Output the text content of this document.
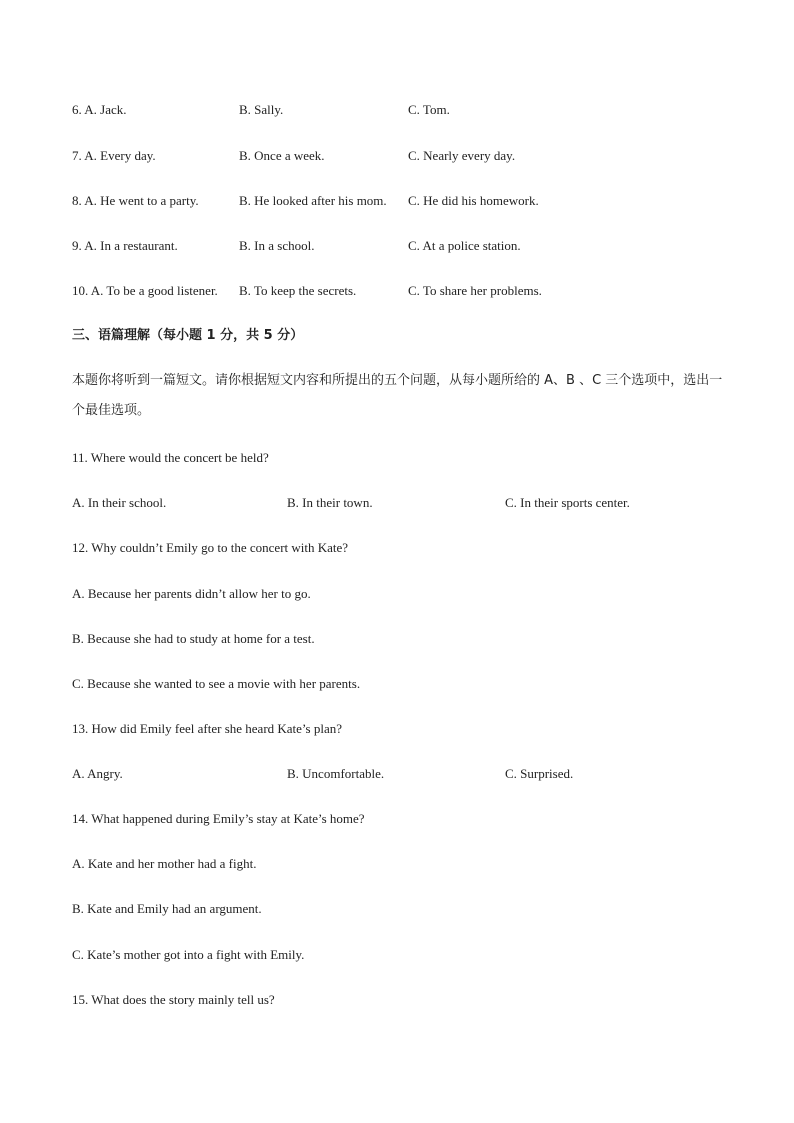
6. A. Jack.	B. Sally.	C. Tom.
7. A. Every day.	B. Once a week.	C. Nearly every day.
8. A. He went to a party.	B. He looked after his mom. C. He did his homework.
9. A. In a restaurant.	B. In a school.	C. At a police station.
10. A. To be a good listener. B. To keep the secrets.	C. To share her problems.
三、语篇理解（每小题 1 分，共 5 分）
本题你将听到一篇短文。请你根据短文内容和所提出的五个问题，从每小题所给的 A、B 、C 三个选项中，选出一个最佳选项。
11. Where would the concert be held?
A. In their school.	B. In their town.	C. In their sports center.
12. Why couldn’t Emily go to the concert with Kate?
A. Because her parents didn’t allow her to go.
B. Because she had to study at home for a test.
C. Because she wanted to see a movie with her parents.
13. How did Emily feel after she heard Kate’s plan?
A. Angry.	B. Uncomfortable.	C. Surprised.
14. What happened during Emily’s stay at Kate’s home?
A. Kate and her mother had a fight.
B. Kate and Emily had an argument.
C. Kate’s mother got into a fight with Emily.
15. What does the story mainly tell us?
